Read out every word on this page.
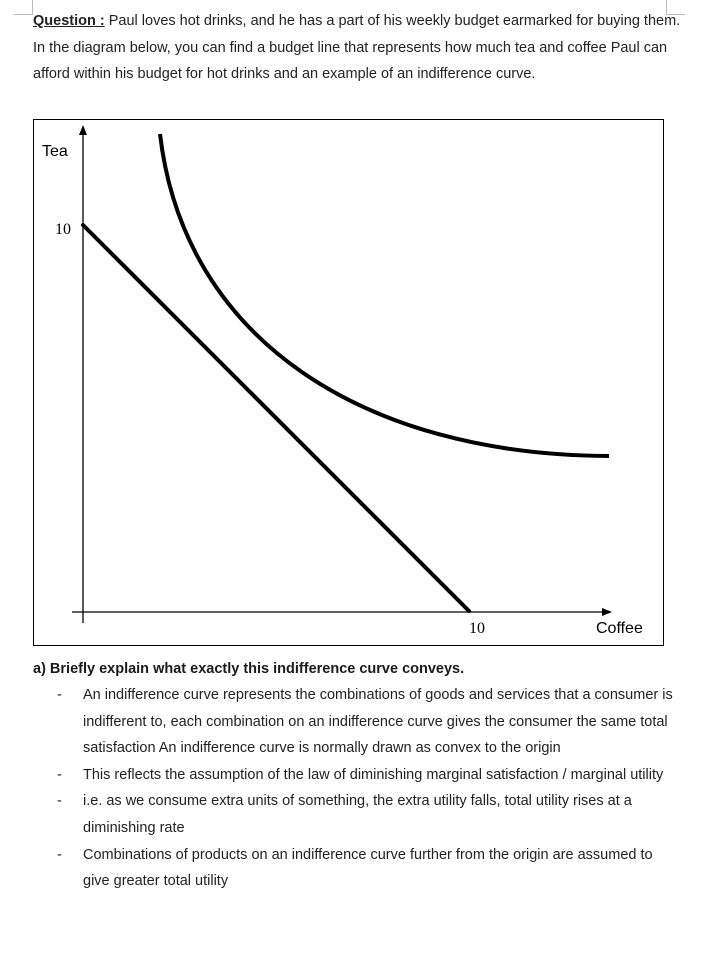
Question : Paul loves hot drinks, and he has a part of his weekly budget earmarked for buying them. In the diagram below, you can find a budget line that represents how much tea and coffee Paul can afford within his budget for hot drinks and an example of an indifference curve.

Tea
10
10	Coffee

a) Briefly explain what exactly this indifference curve conveys.

- An indifference curve represents the combinations of goods and services that a consumer is indifferent to, each combination on an indifference curve gives the consumer the same total satisfaction An indifference curve is normally drawn as convex to the origin
- This reflects the assumption of the law of diminishing marginal satisfaction / marginal utility
- i.e. as we consume extra units of something, the extra utility falls, total utility rises at a diminishing rate
- Combinations of products on an indifference curve further from the origin are assumed to give greater total utility
